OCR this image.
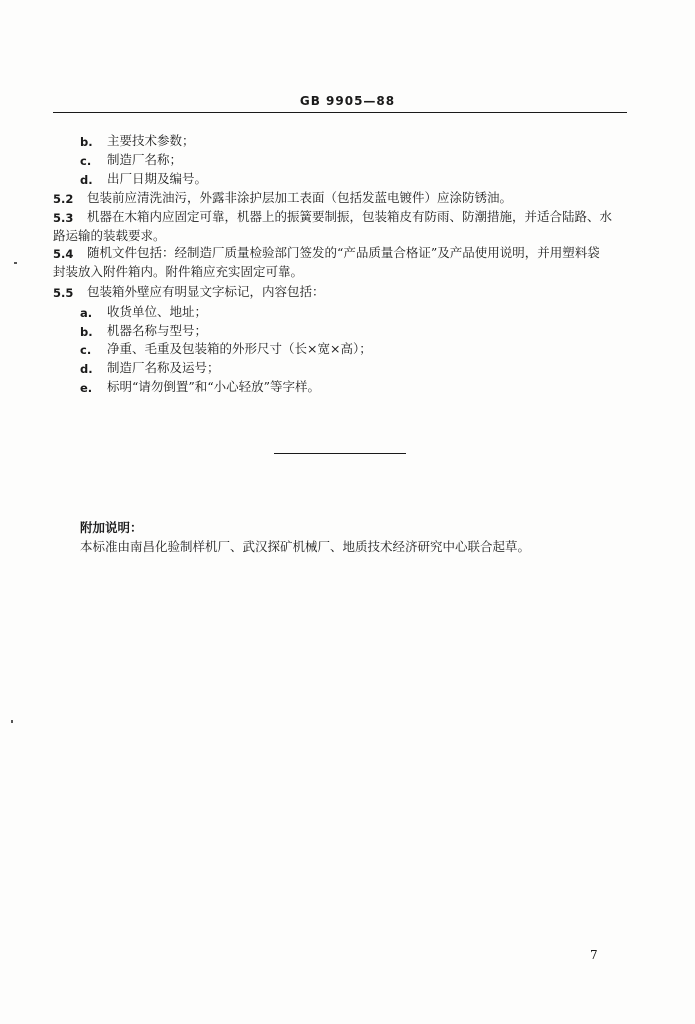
GB 9905—88
b. 主要技术参数；
c. 制造厂名称；
d. 出厂日期及编号。
5.2 包装前应清洗油污，外露非涂护层加工表面（包括发蓝电镀件）应涂防锈油。
5.3 机器在木箱内应固定可靠，机器上的振簧要制振，包装箱皮有防雨、防潮措施，并适合陆路、水
路运输的装载要求。
5.4 随机文件包括：经制造厂质量检验部门签发的“产品质量合格证”及产品使用说明，并用塑料袋
封装放入附件箱内。附件箱应充实固定可靠。
5.5 包装箱外壁应有明显文字标记，内容包括：
a. 收货单位、地址；
b. 机器名称与型号；
c. 净重、毛重及包装箱的外形尺寸（长×宽×高）；
d. 制造厂名称及运号；
e. 标明“请勿倒置”和“小心轻放”等字样。
附加说明：
本标准由南昌化验制样机厂、武汉探矿机械厂、地质技术经济研究中心联合起草。
7
